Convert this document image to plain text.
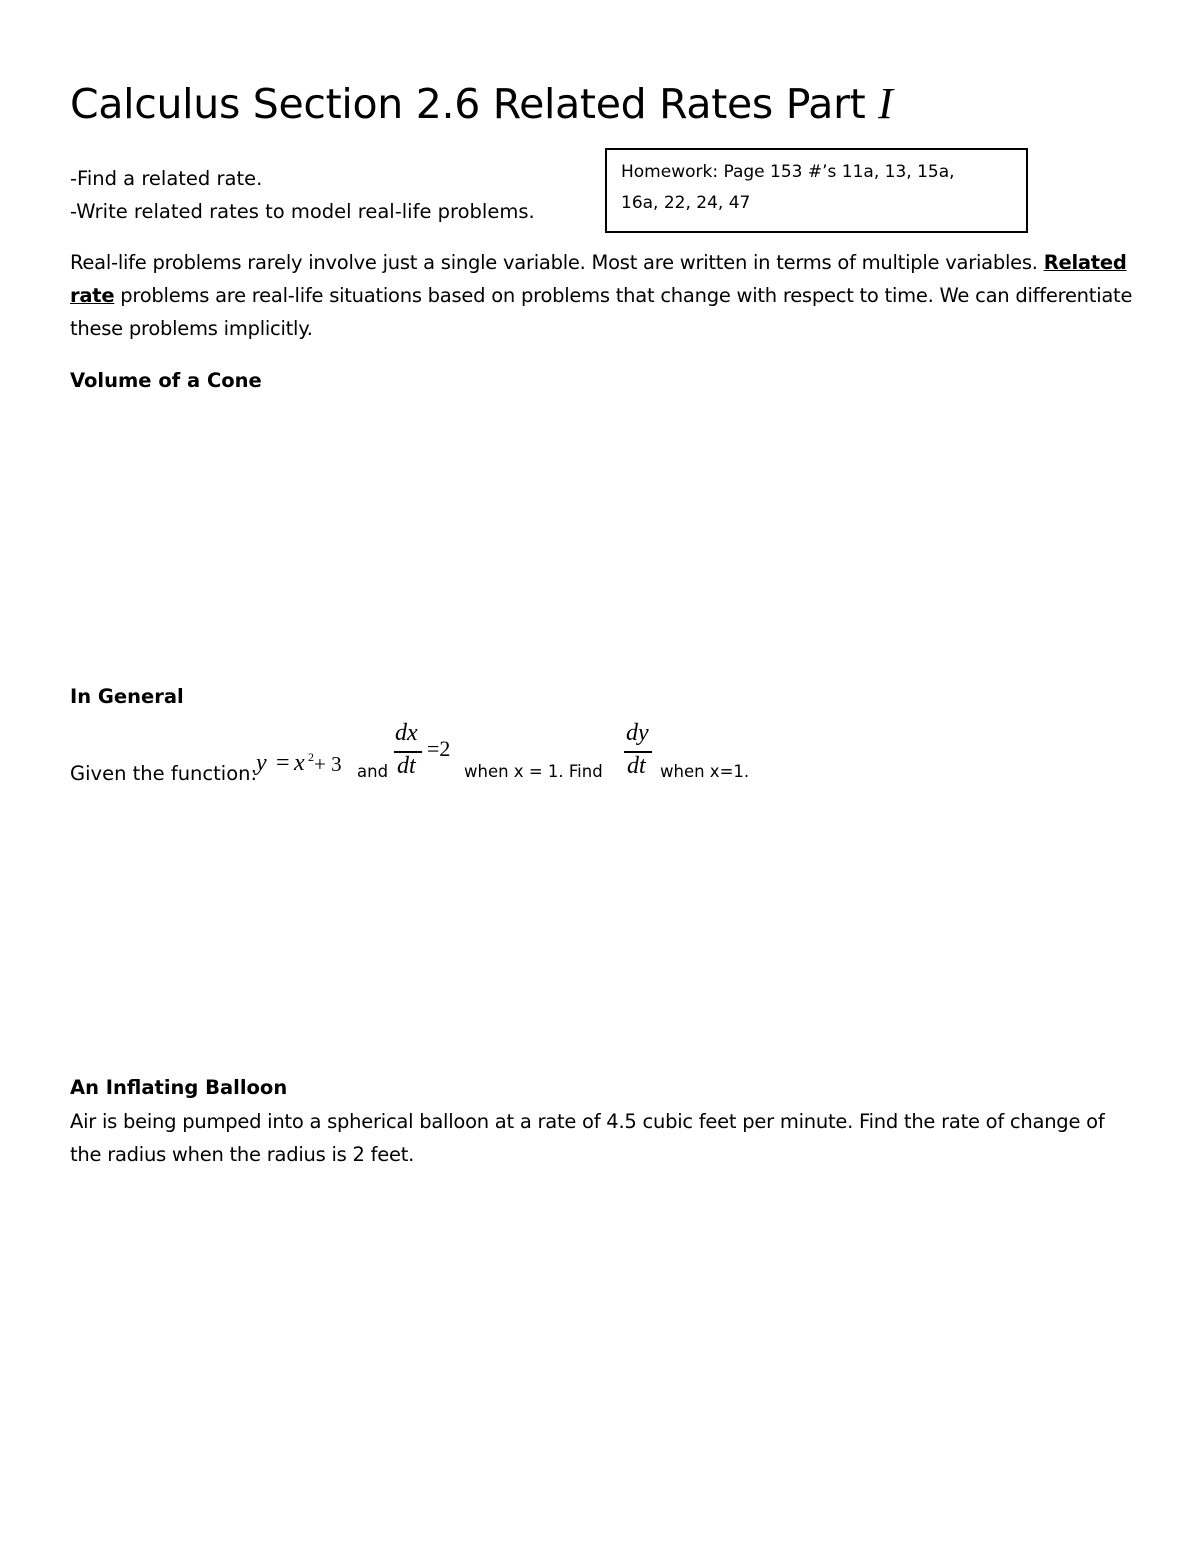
Calculus Section 2.6 Related Rates Part I
-Find a related rate.
-Write related rates to model real-life problems.
Homework: Page 153 #’s 11a, 13, 15a, 16a, 22, 24, 47
Real-life problems rarely involve just a single variable. Most are written in terms of multiple variables. Related rate problems are real-life situations based on problems that change with respect to time. We can differentiate these problems implicitly.
Volume of a Cone
In General
Given the function:
y = x 2 + 3 and
dx
dt
=2
when x = 1. Find
dy
dt when x=1.
An Inflating Balloon
Air is being pumped into a spherical balloon at a rate of 4.5 cubic feet per minute. Find the rate of change of the radius when the radius is 2 feet.
